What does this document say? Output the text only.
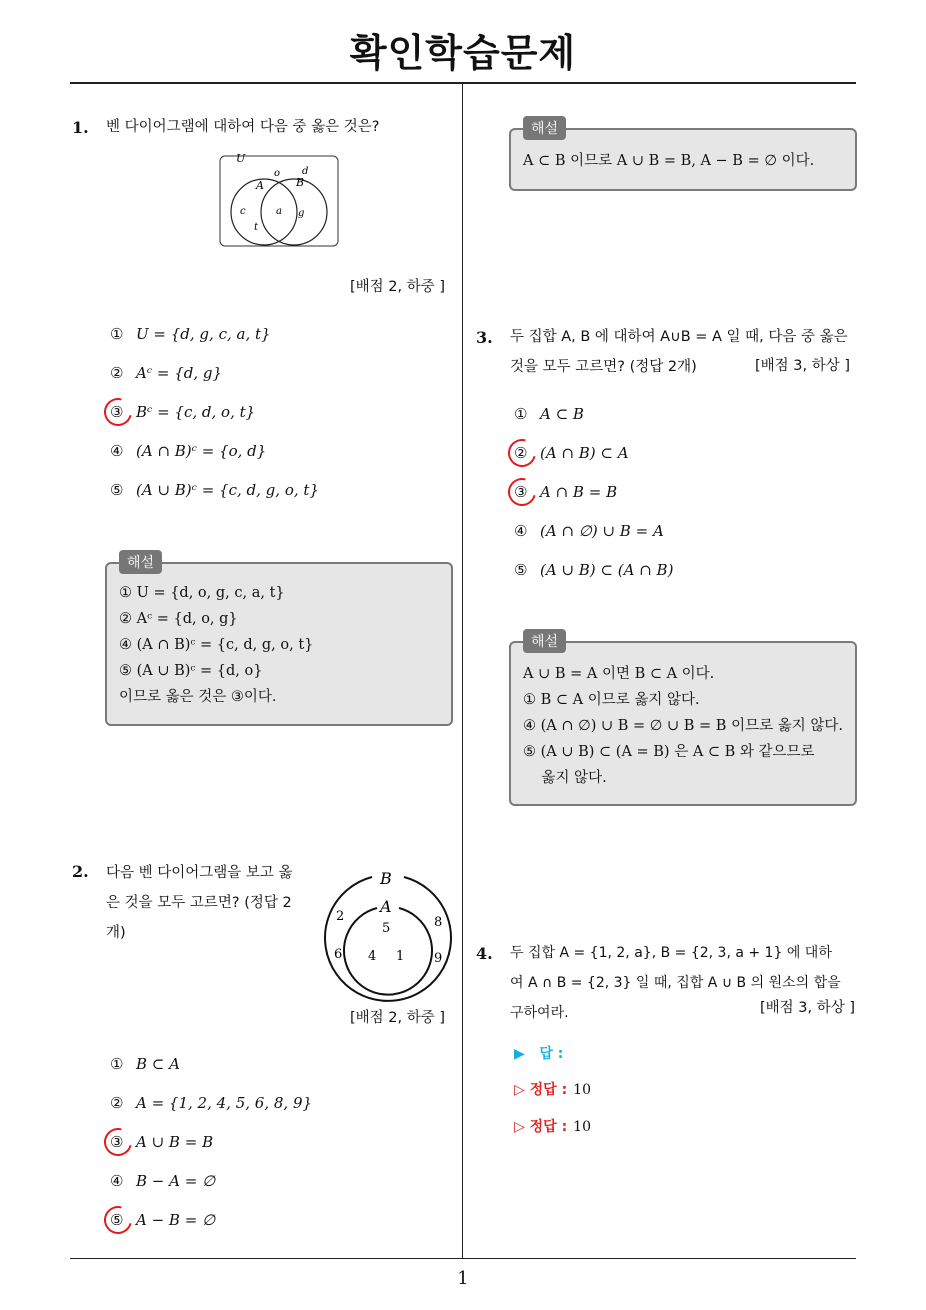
확인학습문제
1
1. 벤 다이어그램에 대하여 다음 중 옳은 것은?
U
A	B
o d
c	a g
t
[배점 2, 하중 ]
① U = {d, g, c, a, t}
② Aᶜ = {d, g}
③ Bᶜ = {c, d, o, t}
④ (A ∩ B)ᶜ = {o, d}
⑤ (A ∪ B)ᶜ = {c, d, g, o, t}
해설
① U = {d, o, g, c, a, t}
② Aᶜ = {d, o, g}
④ (A ∩ B)ᶜ = {c, d, g, o, t}
⑤ (A ∪ B)ᶜ = {d, o}
이므로 옳은 것은 ③이다.
2. 다음 벤 다이어그램을 보고 옳
은 것을 모두 고르면? (정답 2
개)
B
A
2	8
5
6 4 1 9
[배점 2, 하중 ]
① B ⊂ A
② A = {1, 2, 4, 5, 6, 8, 9}
③ A ∪ B = B
④ B − A = ∅
⑤ A − B = ∅
해설
A ⊂ B 이므로 A ∪ B = B, A − B = ∅ 이다.
3. 두 집합 A, B 에 대하여 A∪B = A 일 때, 다음 중 옳은
것을 모두 고르면? (정답 2개)	[배점 3, 하상 ]
① A ⊂ B
② (A ∩ B) ⊂ A
③ A ∩ B = B
④ (A ∩ ∅) ∪ B = A
⑤ (A ∪ B) ⊂ (A ∩ B)
해설
A ∪ B = A 이면 B ⊂ A 이다.
① B ⊂ A 이므로 옳지 않다.
④ (A ∩ ∅) ∪ B = ∅ ∪ B = B 이므로 옳지 않다.
⑤ (A ∪ B) ⊂ (A = B) 은 A ⊂ B 와 같으므로
옳지 않다.
4. 두 집합 A = {1, 2, a}, B = {2, 3, a + 1} 에 대하
여 A ∩ B = {2, 3} 일 때, 집합 A ∪ B 의 원소의 합을
구하여라.	[배점 3, 하상 ]
▶   답 :
▷ 정답 : 10
▷ 정답 : 10
